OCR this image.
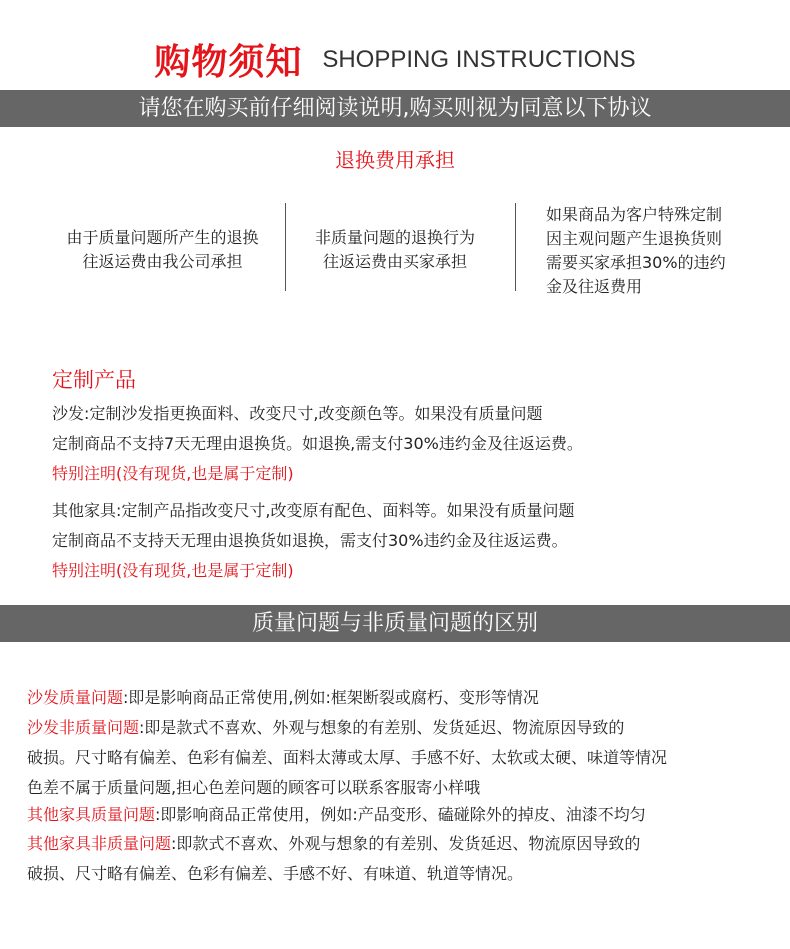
购物须知 SHOPPING INSTRUCTIONS
请您在购买前仔细阅读说明,购买则视为同意以下协议
退换费用承担
由于质量问题所产生的退换
往返运费由我公司承担
非质量问题的退换行为
往返运费由买家承担
如果商品为客户特殊定制
因主观问题产生退换货则
需要买家承担30%的违约
金及往返费用
定制产品
沙发:定制沙发指更换面料、改变尺寸,改变颜色等。如果没有质量问题
定制商品不支持7天无理由退换货。如退换,需支付30%违约金及往返运费。
特别注明(没有现货,也是属于定制)
其他家具:定制产品指改变尺寸,改变原有配色、面料等。如果没有质量问题
定制商品不支持天无理由退换货如退换，需支付30%违约金及往返运费。
特别注明(没有现货,也是属于定制)
质量问题与非质量问题的区别
沙发质量问题:即是影响商品正常使用,例如:框架断裂或腐朽、变形等情况
沙发非质量问题:即是款式不喜欢、外观与想象的有差别、发货延迟、物流原因导致的
破损。尺寸略有偏差、色彩有偏差、面料太薄或太厚、手感不好、太软或太硬、味道等情况
色差不属于质量问题,担心色差问题的顾客可以联系客服寄小样哦
其他家具质量问题:即影响商品正常使用，例如:产品变形、磕碰除外的掉皮、油漆不均匀
其他家具非质量问题:即款式不喜欢、外观与想象的有差别、发货延迟、物流原因导致的
破损、尺寸略有偏差、色彩有偏差、手感不好、有味道、轨道等情况。
